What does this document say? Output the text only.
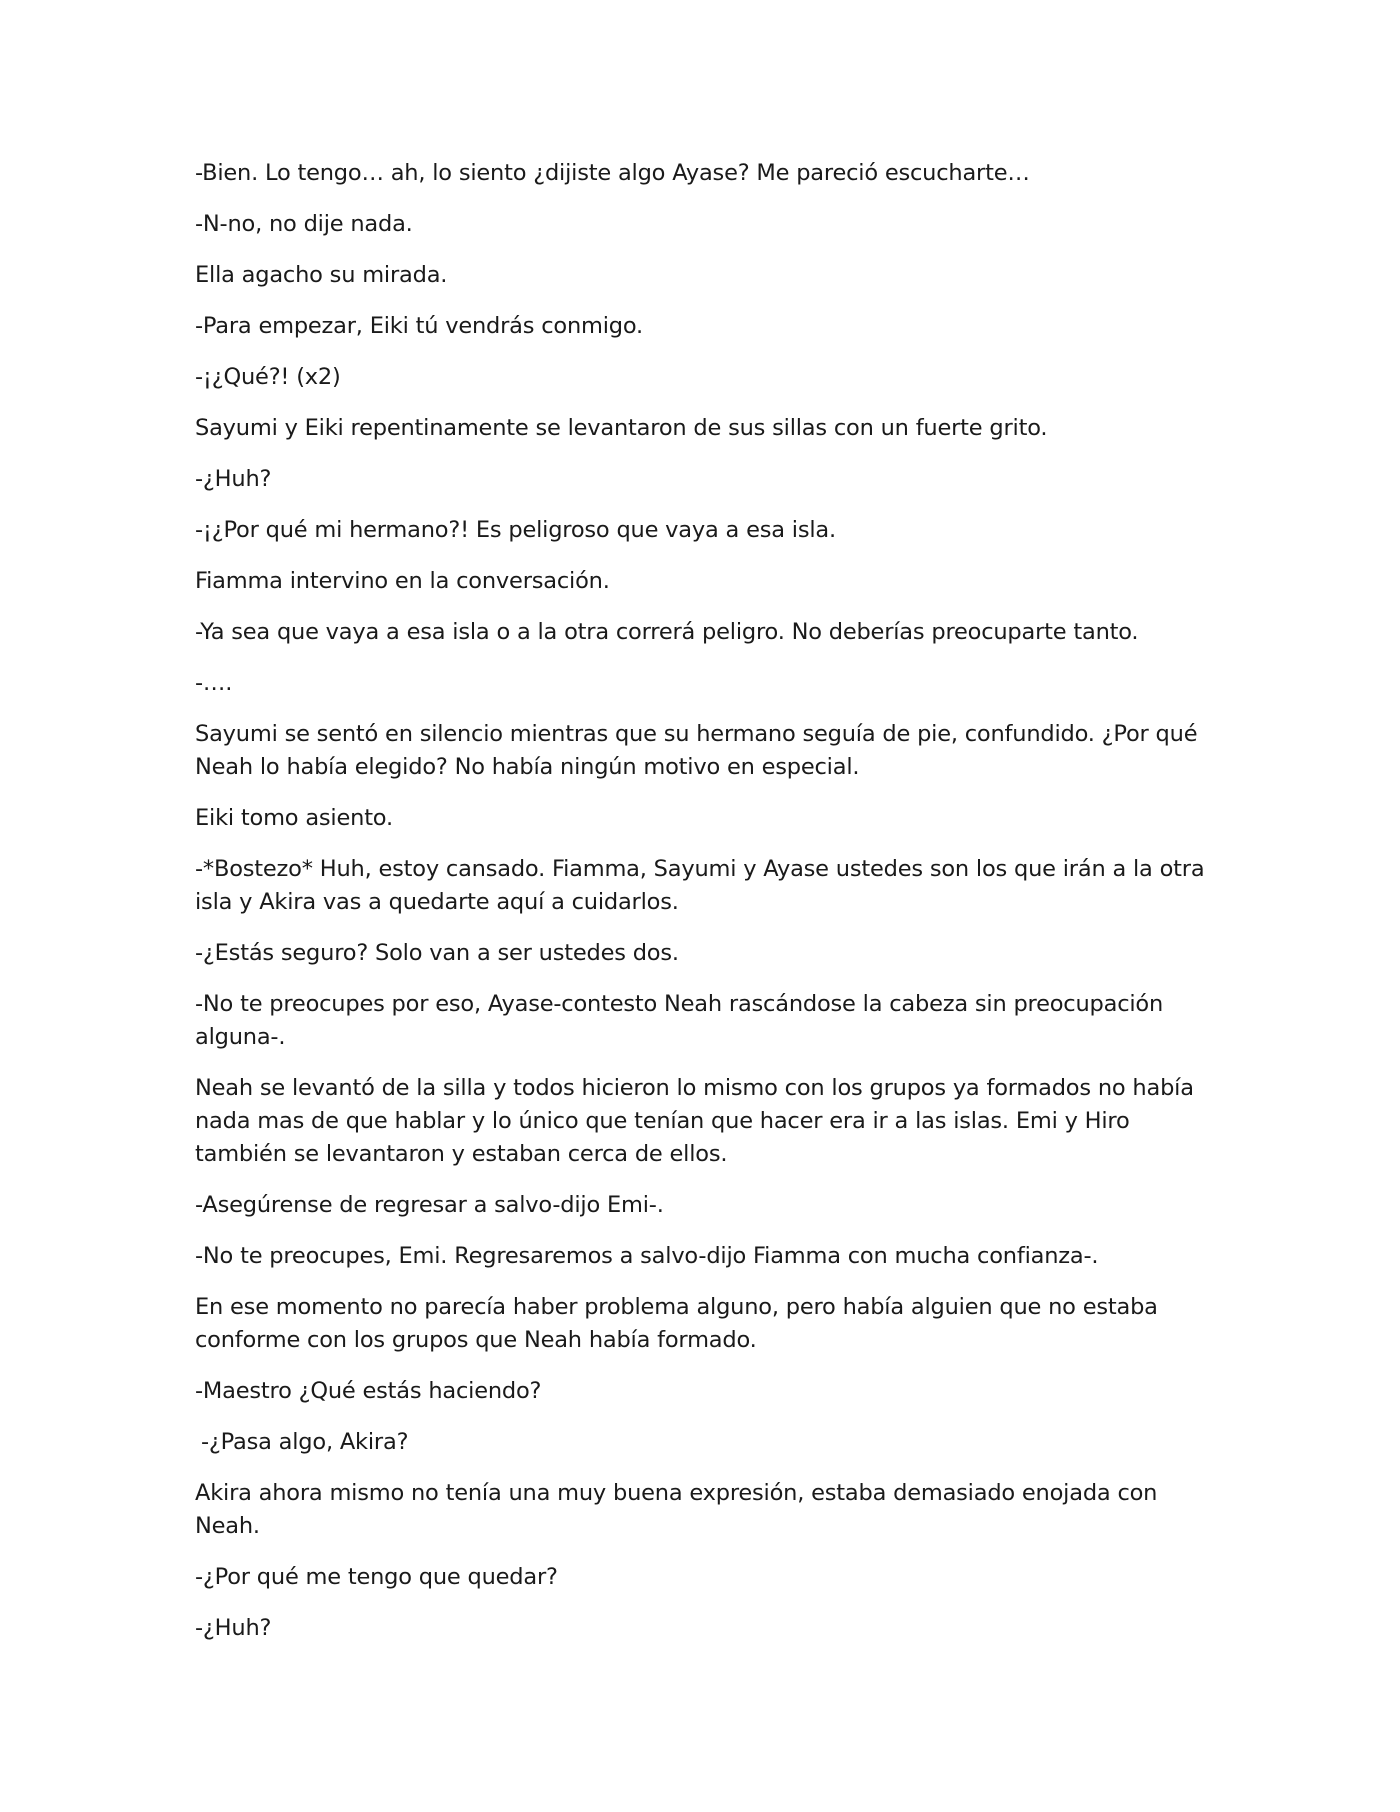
-Bien. Lo tengo… ah, lo siento ¿dijiste algo Ayase? Me pareció escucharte…

-N-no, no dije nada.

Ella agacho su mirada.

-Para empezar, Eiki tú vendrás conmigo.

-¡¿Qué?! (x2)

Sayumi y Eiki repentinamente se levantaron de sus sillas con un fuerte grito.

-¿Huh?

-¡¿Por qué mi hermano?! Es peligroso que vaya a esa isla.

Fiamma intervino en la conversación.

-Ya sea que vaya a esa isla o a la otra correrá peligro. No deberías preocuparte tanto.

-….

Sayumi se sentó en silencio mientras que su hermano seguía de pie, confundido. ¿Por qué Neah lo había elegido? No había ningún motivo en especial.

Eiki tomo asiento.

-*Bostezo* Huh, estoy cansado. Fiamma, Sayumi y Ayase ustedes son los que irán a la otra isla y Akira vas a quedarte aquí a cuidarlos.

-¿Estás seguro? Solo van a ser ustedes dos.

-No te preocupes por eso, Ayase-contesto Neah rascándose la cabeza sin preocupación alguna-.

Neah se levantó de la silla y todos hicieron lo mismo con los grupos ya formados no había nada mas de que hablar y lo único que tenían que hacer era ir a las islas. Emi y Hiro también se levantaron y estaban cerca de ellos.

-Asegúrense de regresar a salvo-dijo Emi-.

-No te preocupes, Emi. Regresaremos a salvo-dijo Fiamma con mucha confianza-.

En ese momento no parecía haber problema alguno, pero había alguien que no estaba conforme con los grupos que Neah había formado.

-Maestro ¿Qué estás haciendo?

-¿Pasa algo, Akira?

Akira ahora mismo no tenía una muy buena expresión, estaba demasiado enojada con Neah.

-¿Por qué me tengo que quedar?

-¿Huh?
